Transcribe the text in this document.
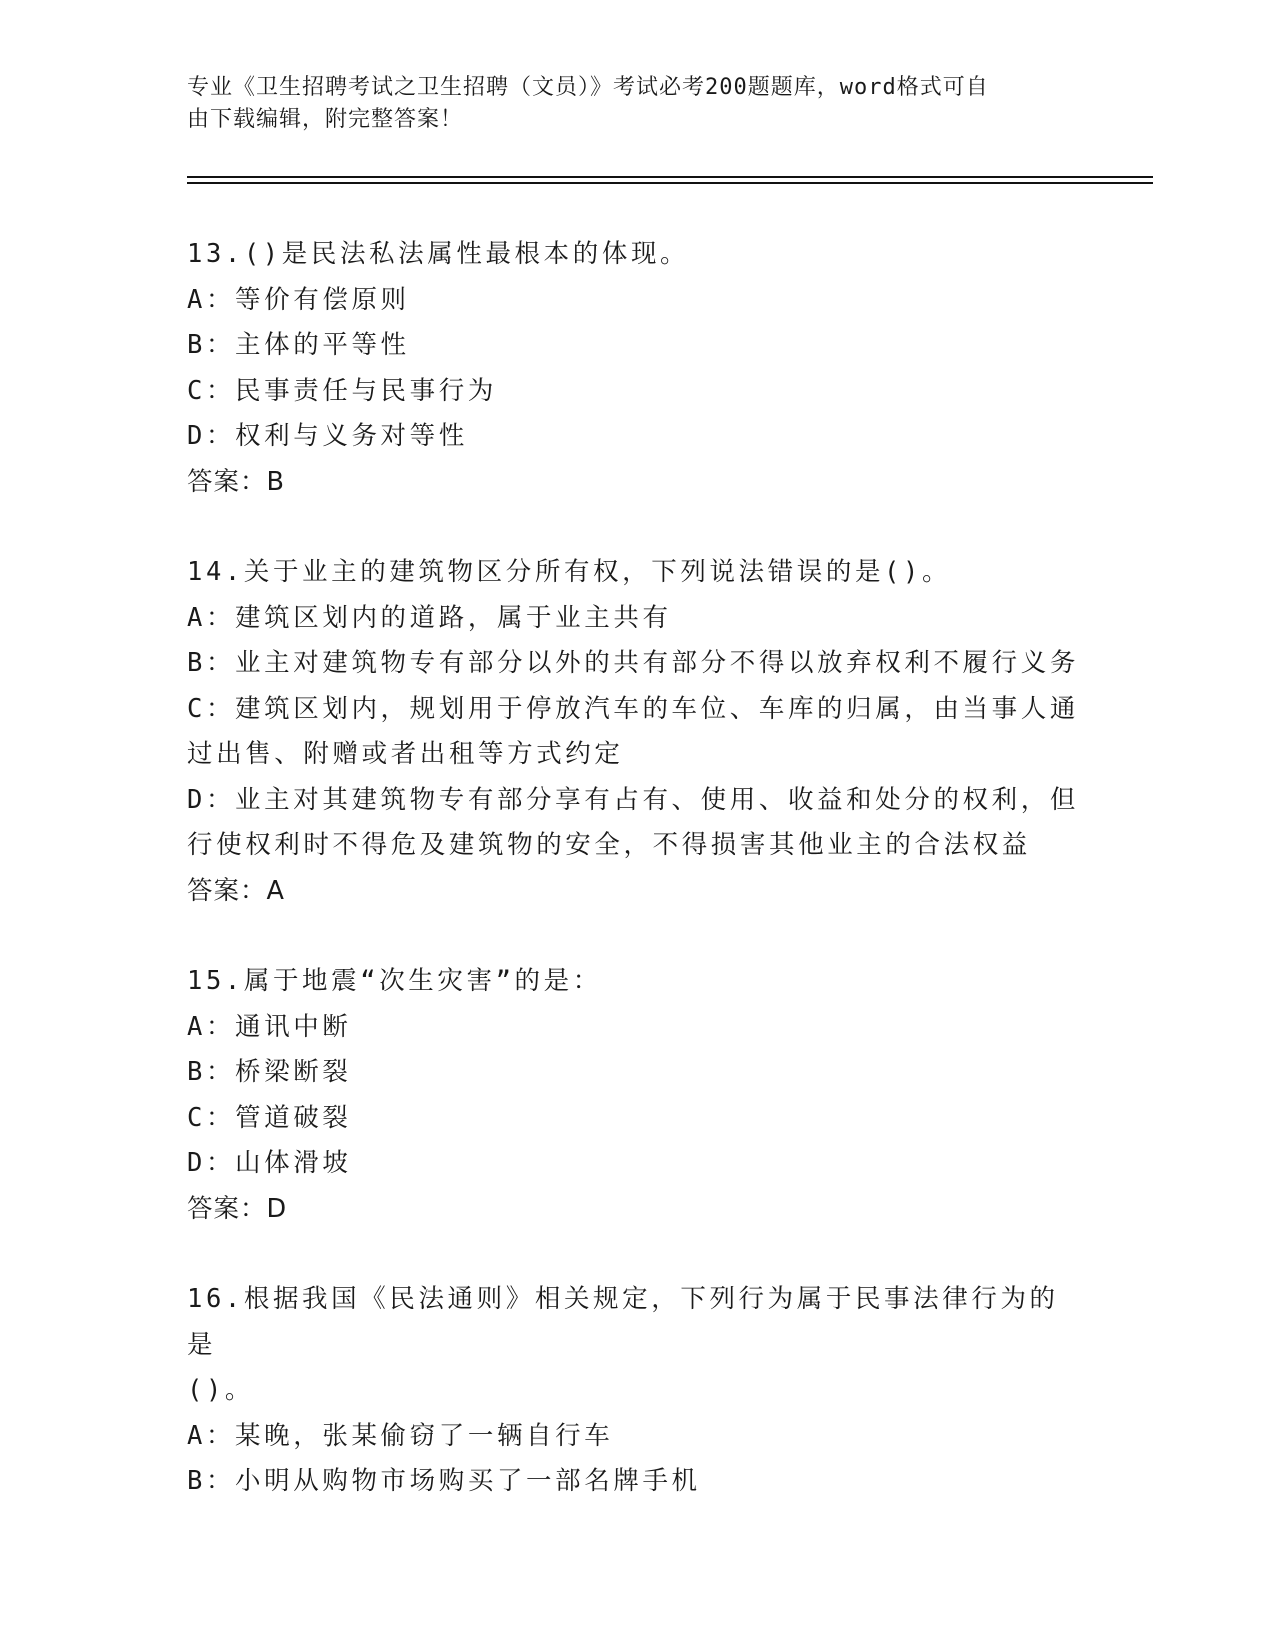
专业《卫生招聘考试之卫生招聘（文员）》考试必考200题题库，word格式可自
由下载编辑，附完整答案！

13.()是民法私法属性最根本的体现。

A：等价有偿原则

B：主体的平等性

C：民事责任与民事行为

D：权利与义务对等性

答案：B

14.关于业主的建筑物区分所有权，下列说法错误的是()。

A：建筑区划内的道路，属于业主共有

B：业主对建筑物专有部分以外的共有部分不得以放弃权利不履行义务

C：建筑区划内，规划用于停放汽车的车位、车库的归属，由当事人通

过出售、附赠或者出租等方式约定

D：业主对其建筑物专有部分享有占有、使用、收益和处分的权利，但

行使权利时不得危及建筑物的安全，不得损害其他业主的合法权益

答案：A

15.属于地震“次生灾害”的是：

A：通讯中断

B：桥梁断裂

C：管道破裂

D：山体滑坡

答案：D

16.根据我国《民法通则》相关规定，下列行为属于民事法律行为的是

()。

A：某晚，张某偷窃了一辆自行车

B：小明从购物市场购买了一部名牌手机
